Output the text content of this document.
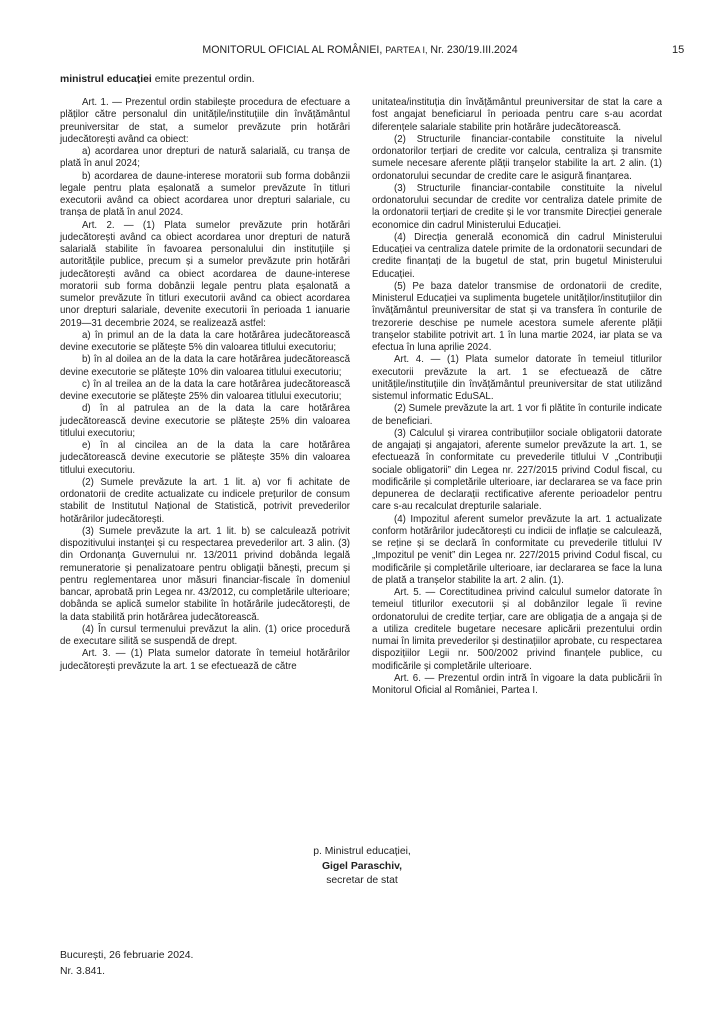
MONITORUL OFICIAL AL ROMÂNIEI, PARTEA I, Nr. 230/19.III.2024	15
ministrul educației emite prezentul ordin.

Art. 1. — Prezentul ordin stabilește procedura de efectuare a plăților către personalul din unitățile/instituțiile din învățământul preuniversitar de stat, a sumelor prevăzute prin hotărâri judecătorești având ca obiect:

a) acordarea unor drepturi de natură salarială, cu tranșa de plată în anul 2024;

b) acordarea de daune-interese moratorii sub forma dobânzii legale pentru plata eșalonată a sumelor prevăzute în titluri executorii având ca obiect acordarea unor drepturi salariale, cu tranșa de plată în anul 2024.

Art. 2. — (1) Plata sumelor prevăzute prin hotărâri judecătorești având ca obiect acordarea unor drepturi de natură salarială stabilite în favoarea personalului din instituțiile și autoritățile publice, precum și a sumelor prevăzute prin hotărâri judecătorești având ca obiect acordarea de daune-interese moratorii sub forma dobânzii legale pentru plata eșalonată a sumelor prevăzute în titluri executorii având ca obiect acordarea unor drepturi salariale, devenite executorii în perioada 1 ianuarie 2019—31 decembrie 2024, se realizează astfel:

a) în primul an de la data la care hotărârea judecătorească devine executorie se plătește 5% din valoarea titlului executoriu;

b) în al doilea an de la data la care hotărârea judecătorească devine executorie se plătește 10% din valoarea titlului executoriu;

c) în al treilea an de la data la care hotărârea judecătorească devine executorie se plătește 25% din valoarea titlului executoriu;

d) în al patrulea an de la data la care hotărârea judecătorească devine executorie se plătește 25% din valoarea titlului executoriu;

e) în al cincilea an de la data la care hotărârea judecătorească devine executorie se plătește 35% din valoarea titlului executoriu.

(2) Sumele prevăzute la art. 1 lit. a) vor fi achitate de ordonatorii de credite actualizate cu indicele prețurilor de consum stabilit de Institutul Național de Statistică, potrivit prevederilor hotărârilor judecătorești.

(3) Sumele prevăzute la art. 1 lit. b) se calculează potrivit dispozitivului instanței și cu respectarea prevederilor art. 3 alin. (3) din Ordonanța Guvernului nr. 13/2011 privind dobânda legală remuneratorie și penalizatoare pentru obligații bănești, precum și pentru reglementarea unor măsuri financiar-fiscale în domeniul bancar, aprobată prin Legea nr. 43/2012, cu completările ulterioare; dobânda se aplică sumelor stabilite în hotărârile judecătorești, de la data stabilită prin hotărârea judecătorească.

(4) În cursul termenului prevăzut la alin. (1) orice procedură de executare silită se suspendă de drept.

Art. 3. — (1) Plata sumelor datorate în temeiul hotărârilor judecătorești prevăzute la art. 1 se efectuează de către

unitatea/instituția din învățământul preuniversitar de stat la care a fost angajat beneficiarul în perioada pentru care s-au acordat diferențele salariale stabilite prin hotărâre judecătorească.

(2) Structurile financiar-contabile constituite la nivelul ordonatorilor terțiari de credite vor calcula, centraliza și transmite sumele necesare aferente plății tranșelor stabilite la art. 2 alin. (1) ordonatorului secundar de credite care le asigură finanțarea.

(3) Structurile financiar-contabile constituite la nivelul ordonatorului secundar de credite vor centraliza datele primite de la ordonatorii terțiari de credite și le vor transmite Direcției generale economice din cadrul Ministerului Educației.

(4) Direcția generală economică din cadrul Ministerului Educației va centraliza datele primite de la ordonatorii secundari de credite finanțați de la bugetul de stat, prin bugetul Ministerului Educației.

(5) Pe baza datelor transmise de ordonatorii de credite, Ministerul Educației va suplimenta bugetele unităților/instituțiilor din învățământul preuniversitar de stat și va transfera în conturile de trezorerie deschise pe numele acestora sumele aferente plății tranșelor stabilite potrivit art. 1 în luna martie 2024, iar plata se va efectua în luna aprilie 2024.

Art. 4. — (1) Plata sumelor datorate în temeiul titlurilor executorii prevăzute la art. 1 se efectuează de către unitățile/instituțiile din învățământul preuniversitar de stat utilizând sistemul informatic EduSAL.

(2) Sumele prevăzute la art. 1 vor fi plătite în conturile indicate de beneficiari.

(3) Calculul și virarea contribuțiilor sociale obligatorii datorate de angajați și angajatori, aferente sumelor prevăzute la art. 1, se efectuează în conformitate cu prevederile titlului V „Contribuții sociale obligatorii” din Legea nr. 227/2015 privind Codul fiscal, cu modificările și completările ulterioare, iar declararea se va face prin depunerea de declarații rectificative aferente perioadelor pentru care s-au recalculat drepturile salariale.

(4) Impozitul aferent sumelor prevăzute la art. 1 actualizate conform hotărârilor judecătorești cu indicii de inflație se calculează, se reține și se declară în conformitate cu prevederile titlului IV „Impozitul pe venit” din Legea nr. 227/2015 privind Codul fiscal, cu modificările și completările ulterioare, iar declararea se face la luna de plată a tranșelor stabilite la art. 2 alin. (1).

Art. 5. — Corectitudinea privind calculul sumelor datorate în temeiul titlurilor executorii și al dobânzilor legale îi revine ordonatorului de credite terțiar, care are obligația de a angaja și de a utiliza creditele bugetare necesare aplicării prezentului ordin numai în limita prevederilor și destinațiilor aprobate, cu respectarea dispozițiilor Legii nr. 500/2002 privind finanțele publice, cu modificările și completările ulterioare.

Art. 6. — Prezentul ordin intră în vigoare la data publicării în Monitorul Oficial al României, Partea I.

p. Ministrul educației,
Gigel Paraschiv,
secretar de stat
București, 26 februarie 2024.
Nr. 3.841.
